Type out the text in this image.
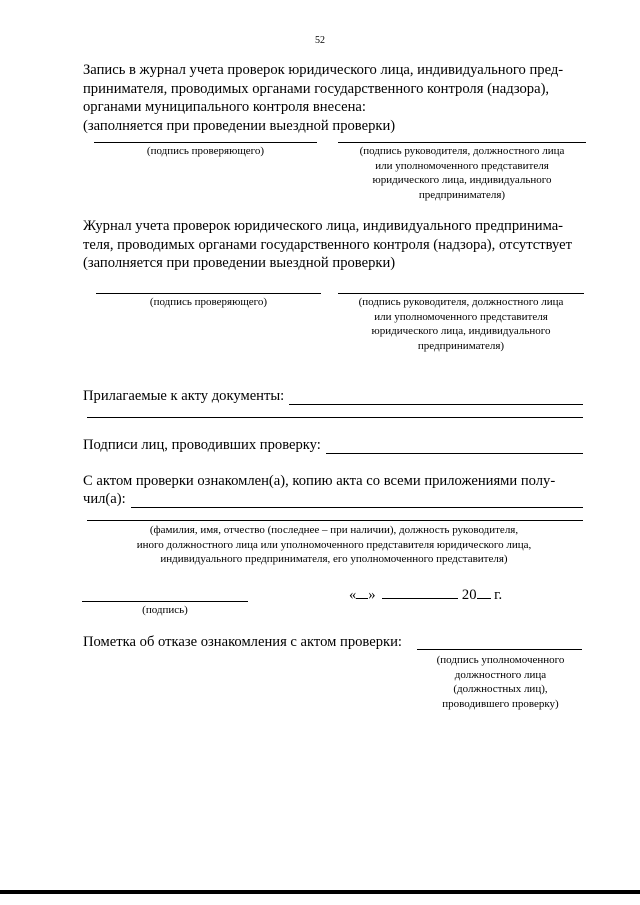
52
Запись в журнал учета проверок юридического лица, индивидуального пред-
принимателя, проводимых органами государственного контроля (надзора),
органами муниципального контроля внесена:
(заполняется при проведении выездной проверки)
(подпись проверяющего)	(подпись руководителя, должностного лица
или уполномоченного представителя
юридического лица, индивидуального
предпринимателя)
Журнал учета проверок юридического лица, индивидуального предпринима-
теля, проводимых органами государственного контроля (надзора), отсутствует
(заполняется при проведении выездной проверки)
(подпись проверяющего)	(подпись руководителя, должностного лица
или уполномоченного представителя
юридического лица, индивидуального
предпринимателя)
Прилагаемые к акту документы:
Подписи лиц, проводивших проверку:
С актом проверки ознакомлен(а), копию акта со всеми приложениями полу-
чил(а):
(фамилия, имя, отчество (последнее – при наличии), должность руководителя,
иного должностного лица или уполномоченного представителя юридического лица,
индивидуального предпринимателя, его уполномоченного представителя)
(подпись)
« »	20 г.
Пометка об отказе ознакомления с актом проверки:
(подпись уполномоченного
должностного лица
(должностных лиц),
проводившего проверку)
